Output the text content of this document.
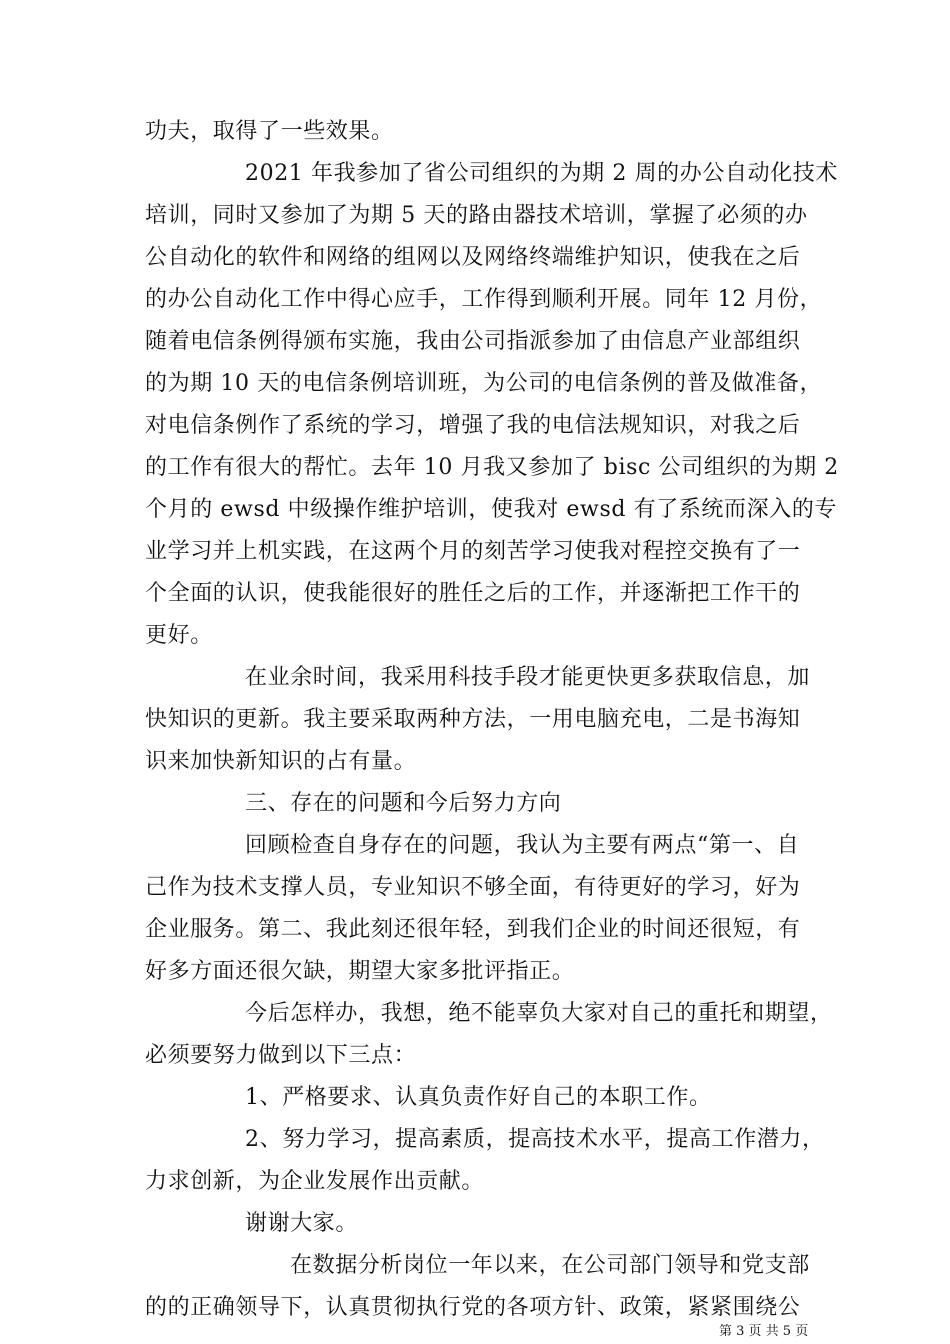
功夫，取得了一些效果。
2021 年我参加了省公司组织的为期 2 周的办公自动化技术
培训，同时又参加了为期 5 天的路由器技术培训，掌握了必须的办
公自动化的软件和网络的组网以及网络终端维护知识，使我在之后
的办公自动化工作中得心应手，工作得到顺利开展。同年 12 月份，
随着电信条例得颁布实施，我由公司指派参加了由信息产业部组织
的为期 10 天的电信条例培训班，为公司的电信条例的普及做准备，
对电信条例作了系统的学习，增强了我的电信法规知识，对我之后
的工作有很大的帮忙。去年 10 月我又参加了 bisc 公司组织的为期 2
个月的 ewsd 中级操作维护培训，使我对 ewsd 有了系统而深入的专
业学习并上机实践，在这两个月的刻苦学习使我对程控交换有了一
个全面的认识，使我能很好的胜任之后的工作，并逐渐把工作干的
更好。
在业余时间，我采用科技手段才能更快更多获取信息，加
快知识的更新。我主要采取两种方法，一用电脑充电，二是书海知
识来加快新知识的占有量。
三、存在的问题和今后努力方向
回顾检查自身存在的问题，我认为主要有两点“第一、自
己作为技术支撑人员，专业知识不够全面，有待更好的学习，好为
企业服务。第二、我此刻还很年轻，到我们企业的时间还很短，有
好多方面还很欠缺，期望大家多批评指正。
今后怎样办，我想，绝不能辜负大家对自己的重托和期望，
必须要努力做到以下三点：
1、严格要求、认真负责作好自己的本职工作。
2、努力学习，提高素质，提高技术水平，提高工作潜力，
力求创新，为企业发展作出贡献。
谢谢大家。
在数据分析岗位一年以来，在公司部门领导和党支部
的的正确领导下，认真贯彻执行党的各项方针、政策，紧紧围绕公
第 3 页 共 5 页
